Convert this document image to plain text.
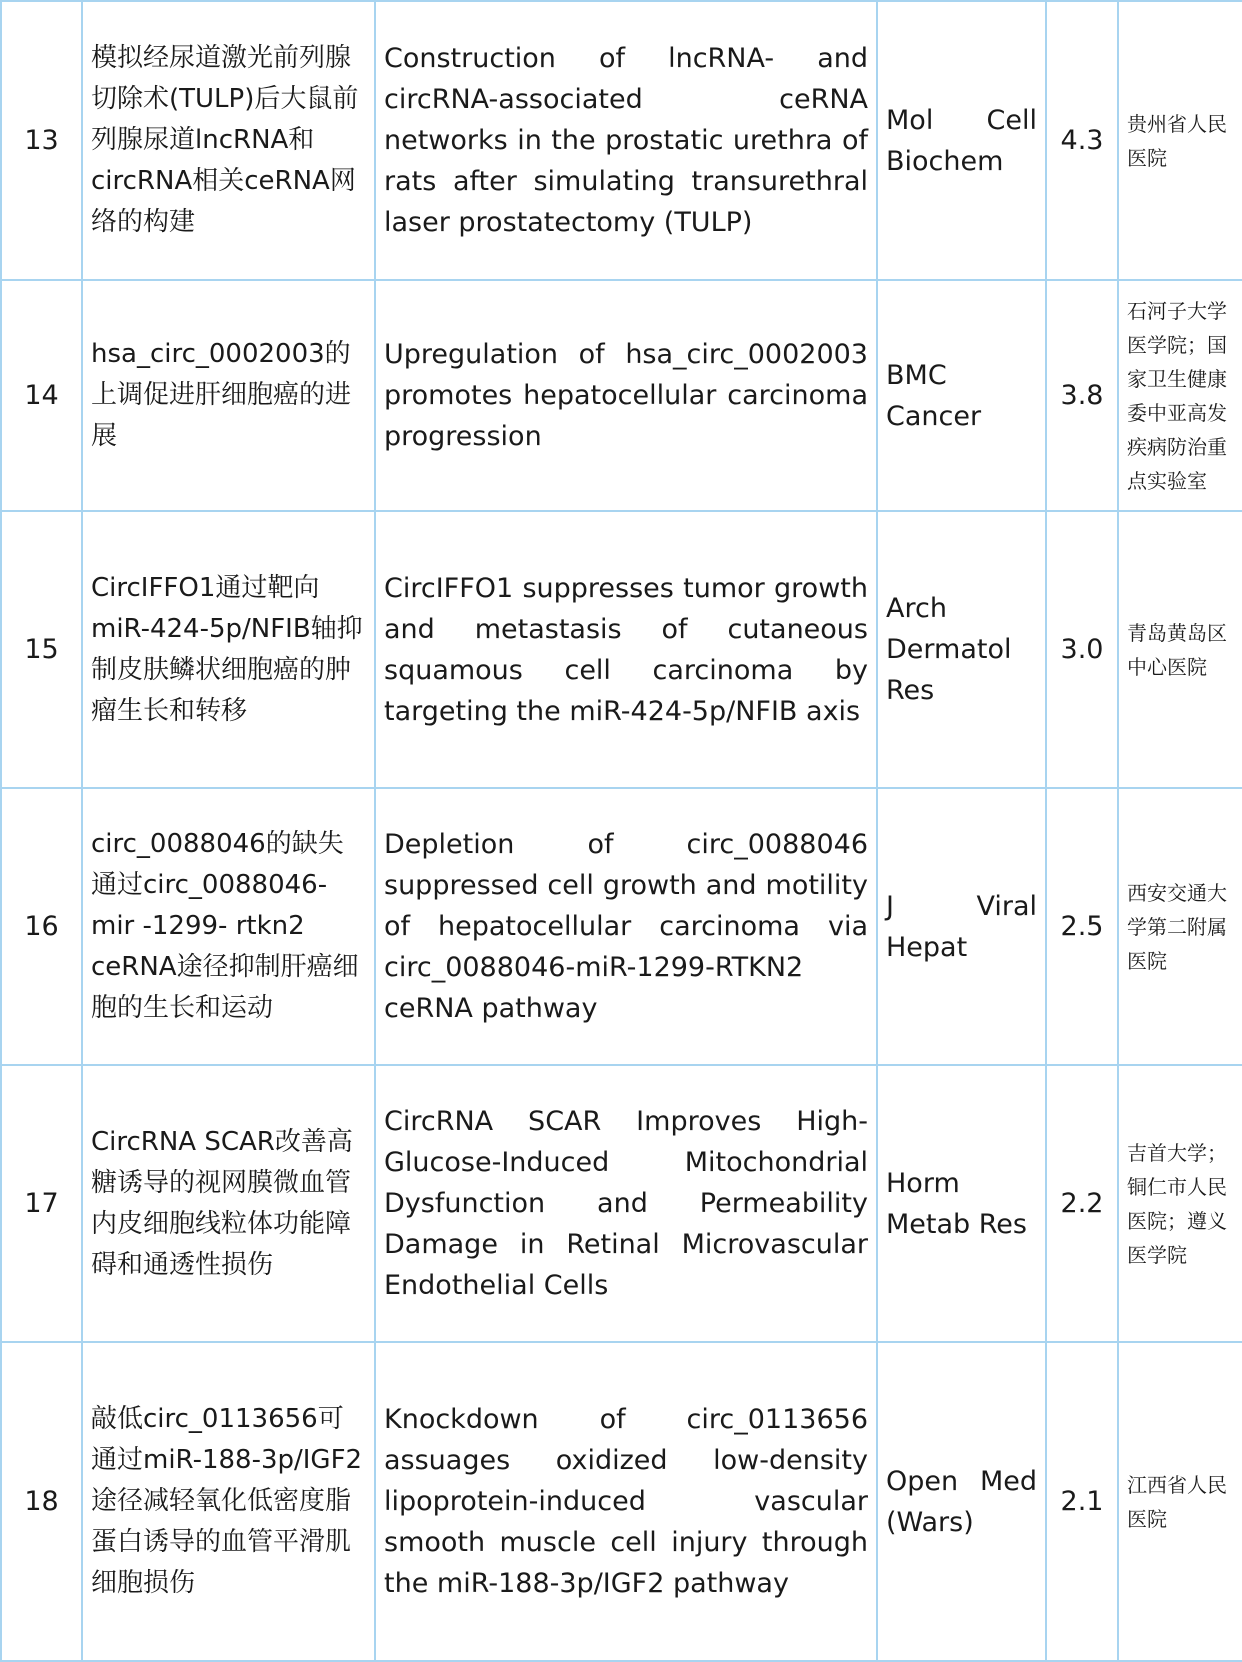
13	模拟经尿道激光前列腺切除术(TULP)后大鼠前列腺尿道lncRNA和circRNA相关ceRNA网络的构建	Construction of lncRNA- and circRNA-associated ceRNA networks in the prostatic urethra of rats after simulating transurethral laser prostatectomy (TULP)	Mol Cell Biochem	4.3	贵州省人民医院
14	hsa_circ_0002003的上调促进肝细胞癌的进展	Upregulation of hsa_circ_0002003 promotes hepatocellular carcinoma progression	BMC Cancer	3.8	石河子大学医学院；国家卫生健康委中亚高发疾病防治重点实验室
15	CircIFFO1通过靶向miR-424-5p/NFIB轴抑制皮肤鳞状细胞癌的肿瘤生长和转移	CircIFFO1 suppresses tumor growth and metastasis of cutaneous squamous cell carcinoma by targeting the miR-424-5p/NFIB axis	Arch Dermatol Res	3.0	青岛黄岛区中心医院
16	circ_0088046的缺失通过circ_0088046-mir -1299- rtkn2 ceRNA途径抑制肝癌细胞的生长和运动	Depletion of circ_0088046 suppressed cell growth and motility of hepatocellular carcinoma via circ_0088046-miR-1299-RTKN2 ceRNA pathway	J Viral Hepat	2.5	西安交通大学第二附属医院
17	CircRNA SCAR改善高糖诱导的视网膜微血管内皮细胞线粒体功能障碍和通透性损伤	CircRNA SCAR Improves High-Glucose-Induced Mitochondrial Dysfunction and Permeability Damage in Retinal Microvascular Endothelial Cells	Horm Metab Res	2.2	吉首大学；铜仁市人民医院；遵义医学院
18	敲低circ_0113656可通过miR-188-3p/IGF2途径减轻氧化低密度脂蛋白诱导的血管平滑肌细胞损伤	Knockdown of circ_0113656 assuages oxidized low-density lipoprotein-induced vascular smooth muscle cell injury through the miR-188-3p/IGF2 pathway	Open Med (Wars)	2.1	江西省人民医院
